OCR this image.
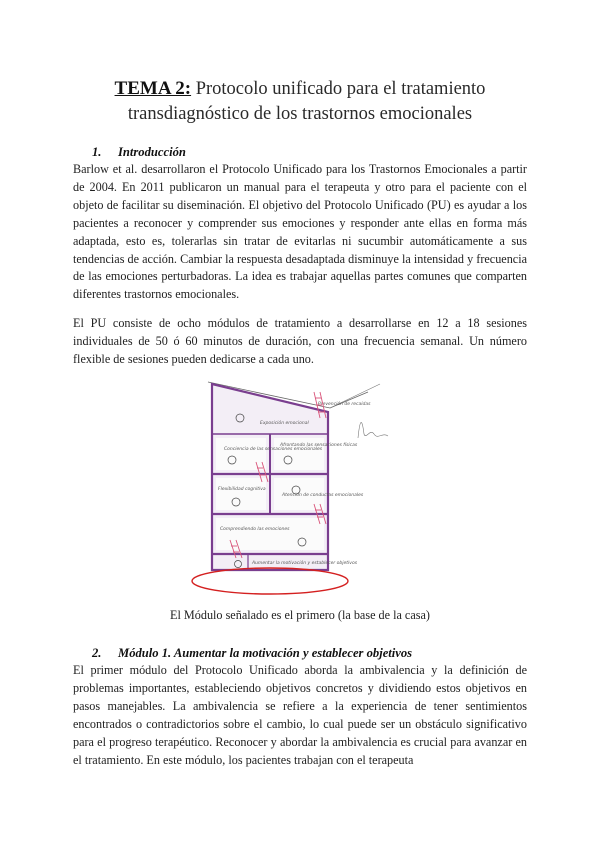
TEMA 2: Protocolo unificado para el tratamiento
transdiagnóstico de los trastornos emocionales
1. Introducción

Barlow et al. desarrollaron el Protocolo Unificado para los Trastornos Emocionales a partir de 2004. En 2011 publicaron un manual para el terapeuta y otro para el paciente con el objeto de facilitar su diseminación. El objetivo del Protocolo Unificado (PU) es ayudar a los pacientes a reconocer y comprender sus emociones y responder ante ellas en forma más adaptada, esto es, tolerarlas sin tratar de evitarlas ni sucumbir automáticamente a sus tendencias de acción. Cambiar la respuesta desadaptada disminuye la intensidad y frecuencia de las emociones perturbadoras. La idea es trabajar aquellas partes comunes que comparten diferentes trastornos emocionales.

El PU consiste de ocho módulos de tratamiento a desarrollarse en 12 a 18 sesiones individuales de 50 ó 60 minutos de duración, con una frecuencia semanal. Un número flexible de sesiones pueden dedicarse a cada uno.

Prevención de recaídas
Exposición emocional
Conciencia de las sensaciones emocionales
Afrontando las sensaciones físicas
Flexibilidad cognitiva
Atención de conductas emocionales
Comprendiendo las emociones
Aumentar la motivación y establecer objetivos
El Módulo señalado es el primero (la base de la casa)
2. Módulo 1. Aumentar la motivación y establecer objetivos

El primer módulo del Protocolo Unificado aborda la ambivalencia y la definición de problemas importantes, estableciendo objetivos concretos y dividiendo estos objetivos en pasos manejables. La ambivalencia se refiere a la experiencia de tener sentimientos encontrados o contradictorios sobre el cambio, lo cual puede ser un obstáculo significativo para el progreso terapéutico. Reconocer y abordar la ambivalencia es crucial para avanzar en el tratamiento. En este módulo, los pacientes trabajan con el terapeuta
